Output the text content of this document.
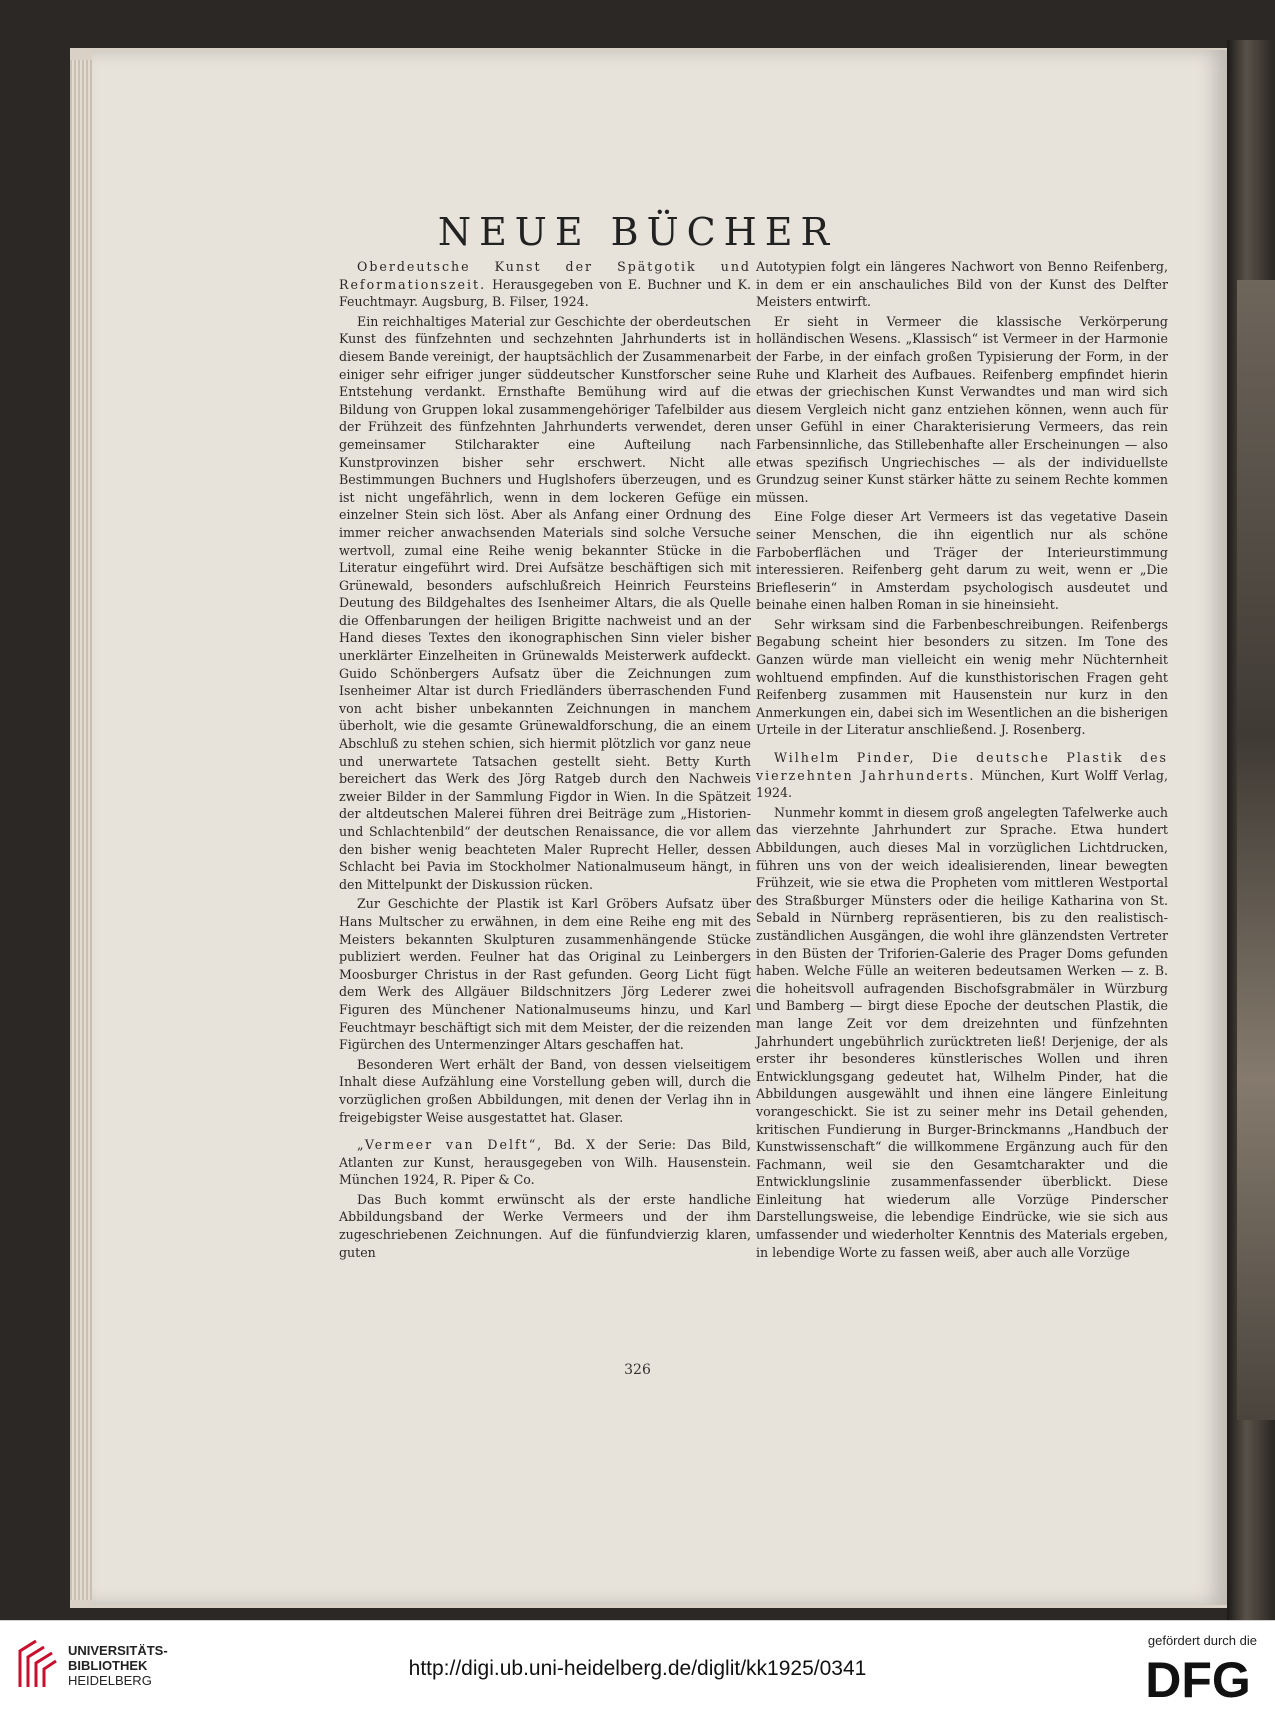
NEUE BÜCHER

Oberdeutsche Kunst der Spätgotik und Reformationszeit. Herausgegeben von E. Buchner und K. Feuchtmayr. Augsburg, B. Filser, 1924.

Ein reichhaltiges Material zur Geschichte der oberdeutschen Kunst des fünfzehnten und sechzehnten Jahrhunderts ist in diesem Bande vereinigt, der hauptsächlich der Zusammenarbeit einiger sehr eifriger junger süddeutscher Kunstforscher seine Entstehung verdankt. Ernsthafte Bemühung wird auf die Bildung von Gruppen lokal zusammengehöriger Tafelbilder aus der Frühzeit des fünfzehnten Jahrhunderts verwendet, deren gemeinsamer Stilcharakter eine Aufteilung nach Kunstprovinzen bisher sehr erschwert. Nicht alle Bestimmungen Buchners und Huglshofers überzeugen, und es ist nicht ungefährlich, wenn in dem lockeren Gefüge ein einzelner Stein sich löst. Aber als Anfang einer Ordnung des immer reicher anwachsenden Materials sind solche Versuche wertvoll, zumal eine Reihe wenig bekannter Stücke in die Literatur eingeführt wird. Drei Aufsätze beschäftigen sich mit Grünewald, besonders aufschlußreich Heinrich Feursteins Deutung des Bildgehaltes des Isenheimer Altars, die als Quelle die Offenbarungen der heiligen Brigitte nachweist und an der Hand dieses Textes den ikonographischen Sinn vieler bisher unerklärter Einzelheiten in Grünewalds Meisterwerk aufdeckt. Guido Schönbergers Aufsatz über die Zeichnungen zum Isenheimer Altar ist durch Friedländers überraschenden Fund von acht bisher unbekannten Zeichnungen in manchem überholt, wie die gesamte Grünewaldforschung, die an einem Abschluß zu stehen schien, sich hiermit plötzlich vor ganz neue und unerwartete Tatsachen gestellt sieht. Betty Kurth bereichert das Werk des Jörg Ratgeb durch den Nachweis zweier Bilder in der Sammlung Figdor in Wien. In die Spätzeit der altdeutschen Malerei führen drei Beiträge zum „Historien- und Schlachtenbild“ der deutschen Renaissance, die vor allem den bisher wenig beachteten Maler Ruprecht Heller, dessen Schlacht bei Pavia im Stockholmer Nationalmuseum hängt, in den Mittelpunkt der Diskussion rücken.

Zur Geschichte der Plastik ist Karl Gröbers Aufsatz über Hans Multscher zu erwähnen, in dem eine Reihe eng mit des Meisters bekannten Skulpturen zusammenhängende Stücke publiziert werden. Feulner hat das Original zu Leinbergers Moosburger Christus in der Rast gefunden. Georg Licht fügt dem Werk des Allgäuer Bildschnitzers Jörg Lederer zwei Figuren des Münchener Nationalmuseums hinzu, und Karl Feuchtmayr beschäftigt sich mit dem Meister, der die reizenden Figürchen des Untermenzinger Altars geschaffen hat.

Besonderen Wert erhält der Band, von dessen vielseitigem Inhalt diese Aufzählung eine Vorstellung geben will, durch die vorzüglichen großen Abbildungen, mit denen der Verlag ihn in freigebigster Weise ausgestattet hat. Glaser.

„Vermeer van Delft“, Bd. X der Serie: Das Bild, Atlanten zur Kunst, herausgegeben von Wilh. Hausenstein. München 1924, R. Piper & Co.

Das Buch kommt erwünscht als der erste handliche Abbildungsband der Werke Vermeers und der ihm zugeschriebenen Zeichnungen. Auf die fünfundvierzig klaren, guten

Autotypien folgt ein längeres Nachwort von Benno Reifenberg, in dem er ein anschauliches Bild von der Kunst des Delfter Meisters entwirft.

Er sieht in Vermeer die klassische Verkörperung holländischen Wesens. „Klassisch“ ist Vermeer in der Harmonie der Farbe, in der einfach großen Typisierung der Form, in der Ruhe und Klarheit des Aufbaues. Reifenberg empfindet hierin etwas der griechischen Kunst Verwandtes und man wird sich diesem Vergleich nicht ganz entziehen können, wenn auch für unser Gefühl in einer Charakterisierung Vermeers, das rein Farbensinnliche, das Stillebenhafte aller Erscheinungen — also etwas spezifisch Ungriechisches — als der individuellste Grundzug seiner Kunst stärker hätte zu seinem Rechte kommen müssen.

Eine Folge dieser Art Vermeers ist das vegetative Dasein seiner Menschen, die ihn eigentlich nur als schöne Farboberflächen und Träger der Interieurstimmung interessieren. Reifenberg geht darum zu weit, wenn er „Die Briefleserin“ in Amsterdam psychologisch ausdeutet und beinahe einen halben Roman in sie hineinsieht.

Sehr wirksam sind die Farbenbeschreibungen. Reifenbergs Begabung scheint hier besonders zu sitzen. Im Tone des Ganzen würde man vielleicht ein wenig mehr Nüchternheit wohltuend empfinden. Auf die kunsthistorischen Fragen geht Reifenberg zusammen mit Hausenstein nur kurz in den Anmerkungen ein, dabei sich im Wesentlichen an die bisherigen Urteile in der Literatur anschließend. J. Rosenberg.

Wilhelm Pinder, Die deutsche Plastik des vierzehnten Jahrhunderts. München, Kurt Wolff Verlag, 1924.

Nunmehr kommt in diesem groß angelegten Tafelwerke auch das vierzehnte Jahrhundert zur Sprache. Etwa hundert Abbildungen, auch dieses Mal in vorzüglichen Lichtdrucken, führen uns von der weich idealisierenden, linear bewegten Frühzeit, wie sie etwa die Propheten vom mittleren Westportal des Straßburger Münsters oder die heilige Katharina von St. Sebald in Nürnberg repräsentieren, bis zu den realistisch-zuständlichen Ausgängen, die wohl ihre glänzendsten Vertreter in den Büsten der Triforien-Galerie des Prager Doms gefunden haben. Welche Fülle an weiteren bedeutsamen Werken — z. B. die hoheitsvoll aufragenden Bischofsgrabmäler in Würzburg und Bamberg — birgt diese Epoche der deutschen Plastik, die man lange Zeit vor dem dreizehnten und fünfzehnten Jahrhundert ungebührlich zurücktreten ließ! Derjenige, der als erster ihr besonderes künstlerisches Wollen und ihren Entwicklungsgang gedeutet hat, Wilhelm Pinder, hat die Abbildungen ausgewählt und ihnen eine längere Einleitung vorangeschickt. Sie ist zu seiner mehr ins Detail gehenden, kritischen Fundierung in Burger-Brinckmanns „Handbuch der Kunstwissenschaft“ die willkommene Ergänzung auch für den Fachmann, weil sie den Gesamtcharakter und die Entwicklungslinie zusammenfassender überblickt. Diese Einleitung hat wiederum alle Vorzüge Pinderscher Darstellungsweise, die lebendige Eindrücke, wie sie sich aus umfassender und wiederholter Kenntnis des Materials ergeben, in lebendige Worte zu fassen weiß, aber auch alle Vorzüge

326
UNIVERSITÄTS-
BIBLIOTHEK
HEIDELBERG
http://digi.ub.uni-heidelberg.de/diglit/kk1925/0341
gefördert durch die
DFG
